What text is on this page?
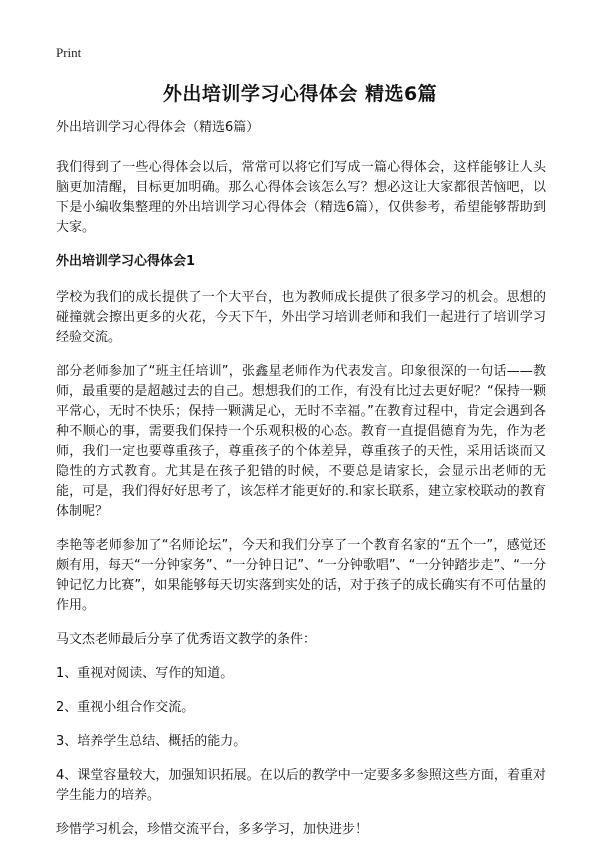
Print
外出培训学习心得体会 精选6篇

外出培训学习心得体会（精选6篇）

我们得到了一些心得体会以后，常常可以将它们写成一篇心得体会，这样能够让人头脑更加清醒，目标更加明确。那么心得体会该怎么写？想必这让大家都很苦恼吧，以下是小编收集整理的外出培训学习心得体会（精选6篇），仅供参考，希望能够帮助到大家。

外出培训学习心得体会1

学校为我们的成长提供了一个大平台，也为教师成长提供了很多学习的机会。思想的碰撞就会擦出更多的火花，今天下午，外出学习培训老师和我们一起进行了培训学习经验交流。

部分老师参加了“班主任培训”，张鑫星老师作为代表发言。印象很深的一句话——教师，最重要的是超越过去的自己。想想我们的工作，有没有比过去更好呢？“保持一颗平常心，无时不快乐；保持一颗满足心，无时不幸福。”在教育过程中，肯定会遇到各种不顺心的事，需要我们保持一个乐观积极的心态。教育一直提倡德育为先，作为老师，我们一定也要尊重孩子，尊重孩子的个体差异，尊重孩子的天性，采用话谈而又隐性的方式教育。尤其是在孩子犯错的时候，不要总是请家长，会显示出老师的无能，可是，我们得好好思考了，该怎样才能更好的.和家长联系，建立家校联动的教育体制呢？

李艳等老师参加了“名师论坛”，今天和我们分享了一个教育名家的“五个一”，感觉还颇有用，每天“一分钟家务”、“一分钟日记”、“一分钟歌唱”、“一分钟踏步走”、“一分钟记忆力比赛”，如果能够每天切实落到实处的话，对于孩子的成长确实有不可估量的作用。

马文杰老师最后分享了优秀语文教学的条件：

1、重视对阅读、写作的知道。

2、重视小组合作交流。

3、培养学生总结、概括的能力。

4、课堂容量较大，加强知识拓展。在以后的教学中一定要多多参照这些方面，着重对学生能力的培养。

珍惜学习机会，珍惜交流平台，多多学习，加快进步！
